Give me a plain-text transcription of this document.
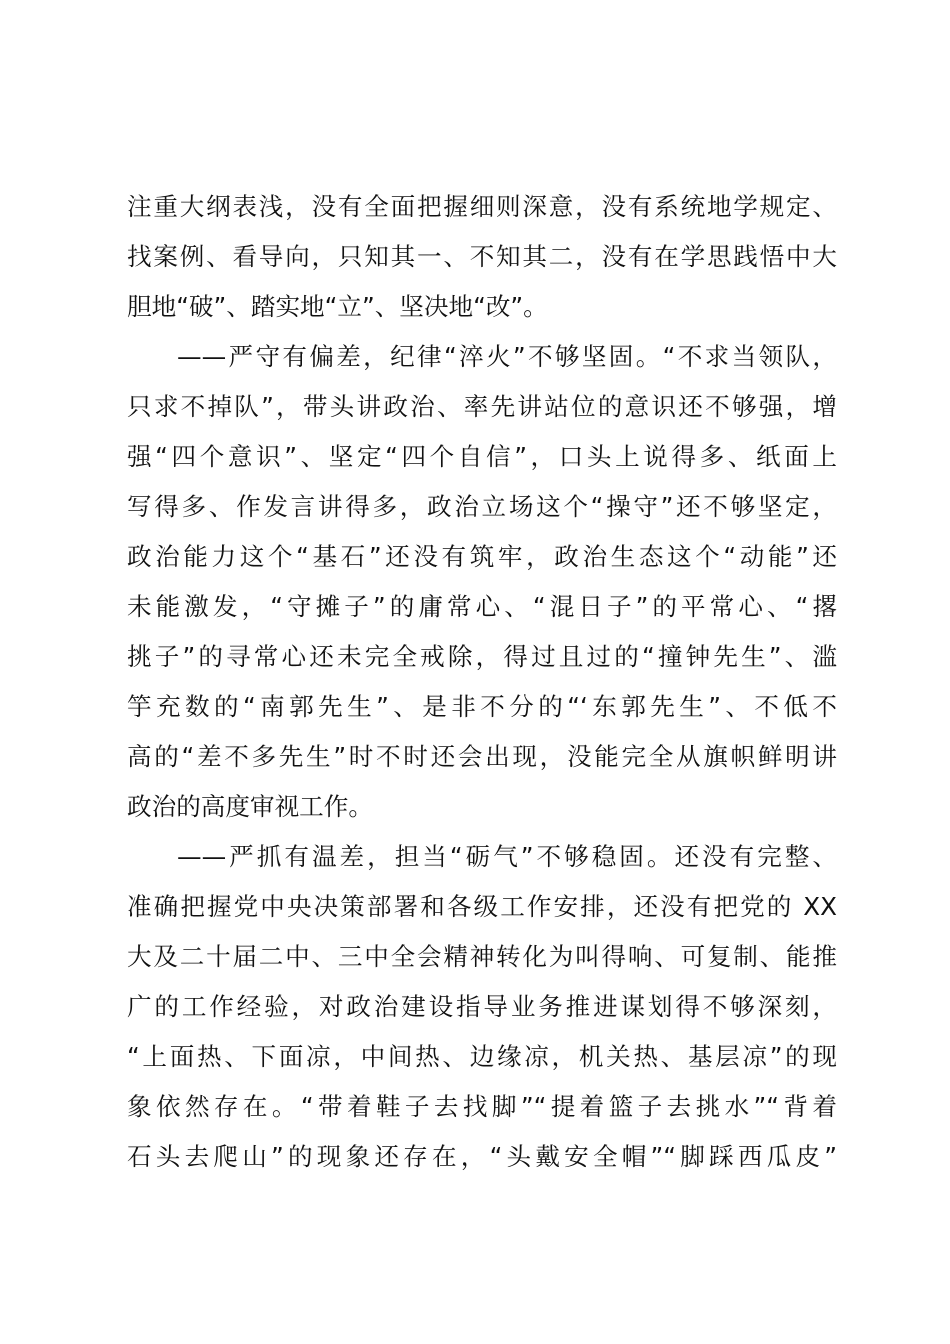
注重大纲表浅，没有全面把握细则深意，没有系统地学规定、
找案例、看导向，只知其一、不知其二，没有在学思践悟中大
胆地“破”、踏实地“立”、坚决地“改”。
——严守有偏差，纪律“淬火”不够坚固。“不求当领队，
只求不掉队”，带头讲政治、率先讲站位的意识还不够强，增
强“四个意识”、坚定“四个自信”，口头上说得多、纸面上
写得多、作发言讲得多，政治立场这个“操守”还不够坚定，
政治能力这个“基石”还没有筑牢，政治生态这个“动能”还
未能激发，“守摊子”的庸常心、“混日子”的平常心、“撂
挑子”的寻常心还未完全戒除，得过且过的“撞钟先生”、滥
竽充数的“南郭先生”、是非不分的“‘东郭先生”、不低不
高的“差不多先生”时不时还会出现，没能完全从旗帜鲜明讲
政治的高度审视工作。
——严抓有温差，担当“砺气”不够稳固。还没有完整、
准确把握党中央决策部署和各级工作安排，还没有把党的 XX
大及二十届二中、三中全会精神转化为叫得响、可复制、能推
广的工作经验，对政治建设指导业务推进谋划得不够深刻，
“上面热、下面凉，中间热、边缘凉，机关热、基层凉”的现
象依然存在。“带着鞋子去找脚”“提着篮子去挑水”“背着
石头去爬山”的现象还存在，“头戴安全帽”“脚踩西瓜皮”
